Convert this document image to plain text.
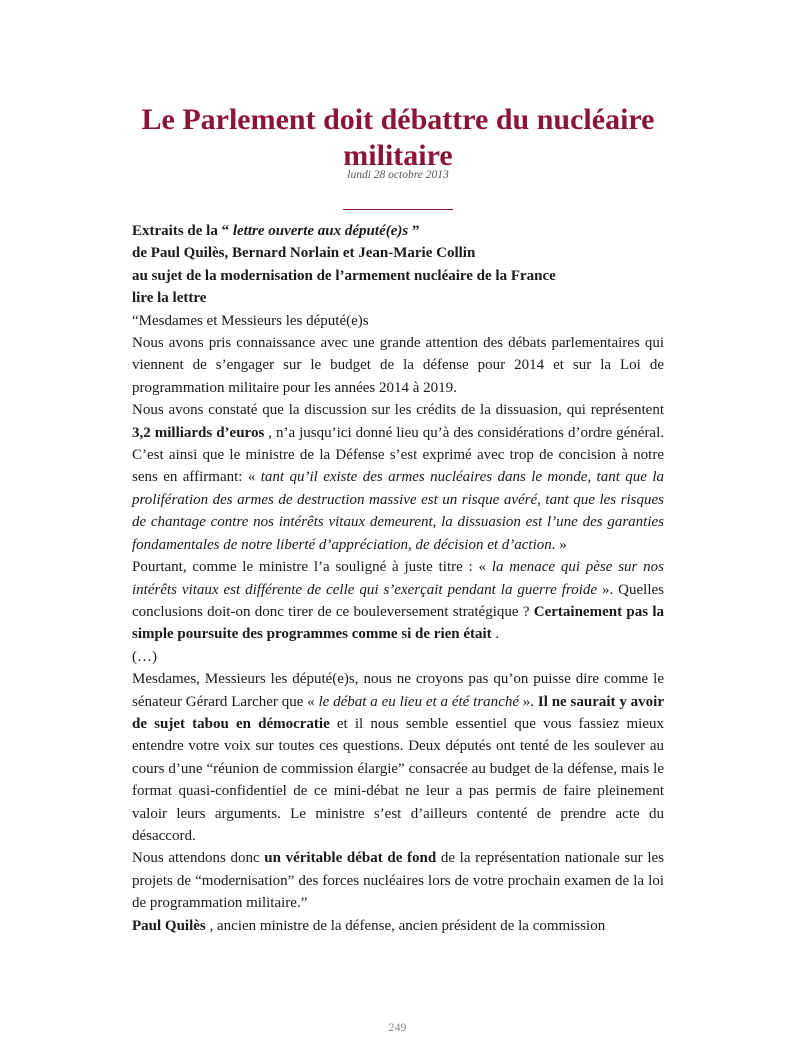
Le Parlement doit débattre du nucléaire militaire
lundi 28 octobre 2013

Extraits de la “ lettre ouverte aux député(e)s ”

de Paul Quilès, Bernard Norlain et Jean-Marie Collin

au sujet de la modernisation de l’armement nucléaire de la France

lire la lettre

“Mesdames et Messieurs les député(e)s

Nous avons pris connaissance avec une grande attention des débats parlementaires qui viennent de s’engager sur le budget de la défense pour 2014 et sur la Loi de programmation militaire pour les années 2014 à 2019.

Nous avons constaté que la discussion sur les crédits de la dissuasion, qui représentent 3,2 milliards d’euros , n’a jusqu’ici donné lieu qu’à des considérations d’ordre général. C’est ainsi que le ministre de la Défense s’est exprimé avec trop de concision à notre sens en affirmant: « tant qu’il existe des armes nucléaires dans le monde, tant que la prolifération des armes de destruction massive est un risque avéré, tant que les risques de chantage contre nos intérêts vitaux demeurent, la dissuasion est l’une des garanties fondamentales de notre liberté d’appréciation, de décision et d’action. »

Pourtant, comme le ministre l’a souligné à juste titre : « la menace qui pèse sur nos intérêts vitaux est différente de celle qui s’exerçait pendant la guerre froide ». Quelles conclusions doit-on donc tirer de ce bouleversement stratégique ? Certainement pas la simple poursuite des programmes comme si de rien était .

(…)

Mesdames, Messieurs les député(e)s, nous ne croyons pas qu’on puisse dire comme le sénateur Gérard Larcher que « le débat a eu lieu et a été tranché ». Il ne saurait y avoir de sujet tabou en démocratie et il nous semble essentiel que vous fassiez mieux entendre votre voix sur toutes ces questions. Deux députés ont tenté de les soulever au cours d’une “réunion de commission élargie” consacrée au budget de la défense, mais le format quasi-confidentiel de ce mini-débat ne leur a pas permis de faire pleinement valoir leurs arguments. Le ministre s’est d’ailleurs contenté de prendre acte du désaccord.

Nous attendons donc un véritable débat de fond de la représentation nationale sur les projets de “modernisation” des forces nucléaires lors de votre prochain examen de la loi de programmation militaire.”

Paul Quilès , ancien ministre de la défense, ancien président de la commission

249
